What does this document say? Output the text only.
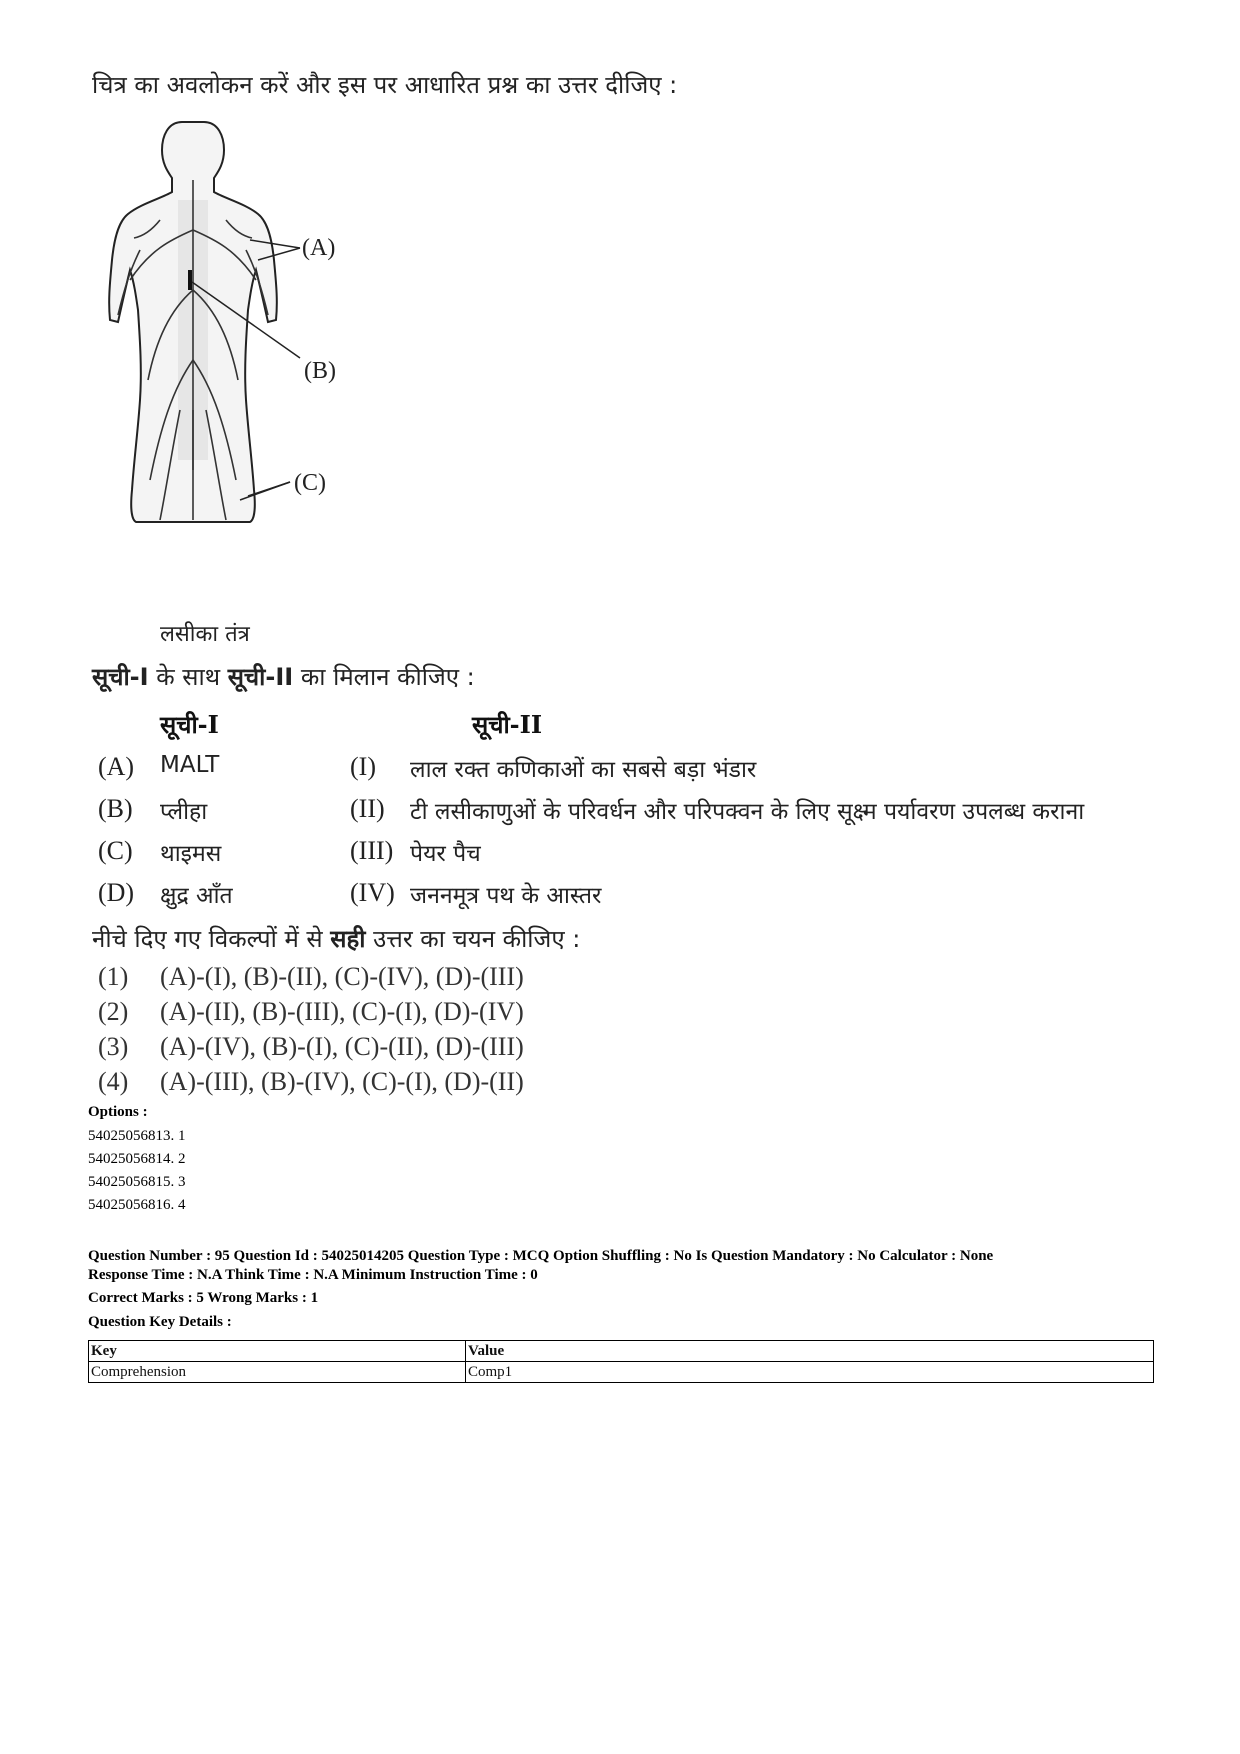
चित्र का अवलोकन करें और इस पर आधारित प्रश्न का उत्तर दीजिए :
(A)
(B)
(C)
लसीका तंत्र
सूची-I के साथ सूची-II का मिलान कीजिए :
सूची-I	सूची-II
(A) MALT	(I) लाल रक्त कणिकाओं का सबसे बड़ा भंडार
(B) प्लीहा	(II) टी लसीकाणुओं के परिवर्धन और परिपक्वन के लिए सूक्ष्म पर्यावरण उपलब्ध कराना
(C) थाइमस	(III) पेयर पैच
(D) क्षुद्र आँत	(IV) जननमूत्र पथ के आस्तर
नीचे दिए गए विकल्पों में से सही उत्तर का चयन कीजिए :
(1) (A)-(I), (B)-(II), (C)-(IV), (D)-(III)
(2) (A)-(II), (B)-(III), (C)-(I), (D)-(IV)
(3) (A)-(IV), (B)-(I), (C)-(II), (D)-(III)
(4) (A)-(III), (B)-(IV), (C)-(I), (D)-(II)
Options :
54025056813. 1
54025056814. 2
54025056815. 3
54025056816. 4
Question Number : 95 Question Id : 54025014205 Question Type : MCQ Option Shuffling : No Is Question Mandatory : No Calculator : None
Response Time : N.A Think Time : N.A Minimum Instruction Time : 0
Correct Marks : 5 Wrong Marks : 1
Question Key Details :
Key	Value
Comprehension	Comp1
